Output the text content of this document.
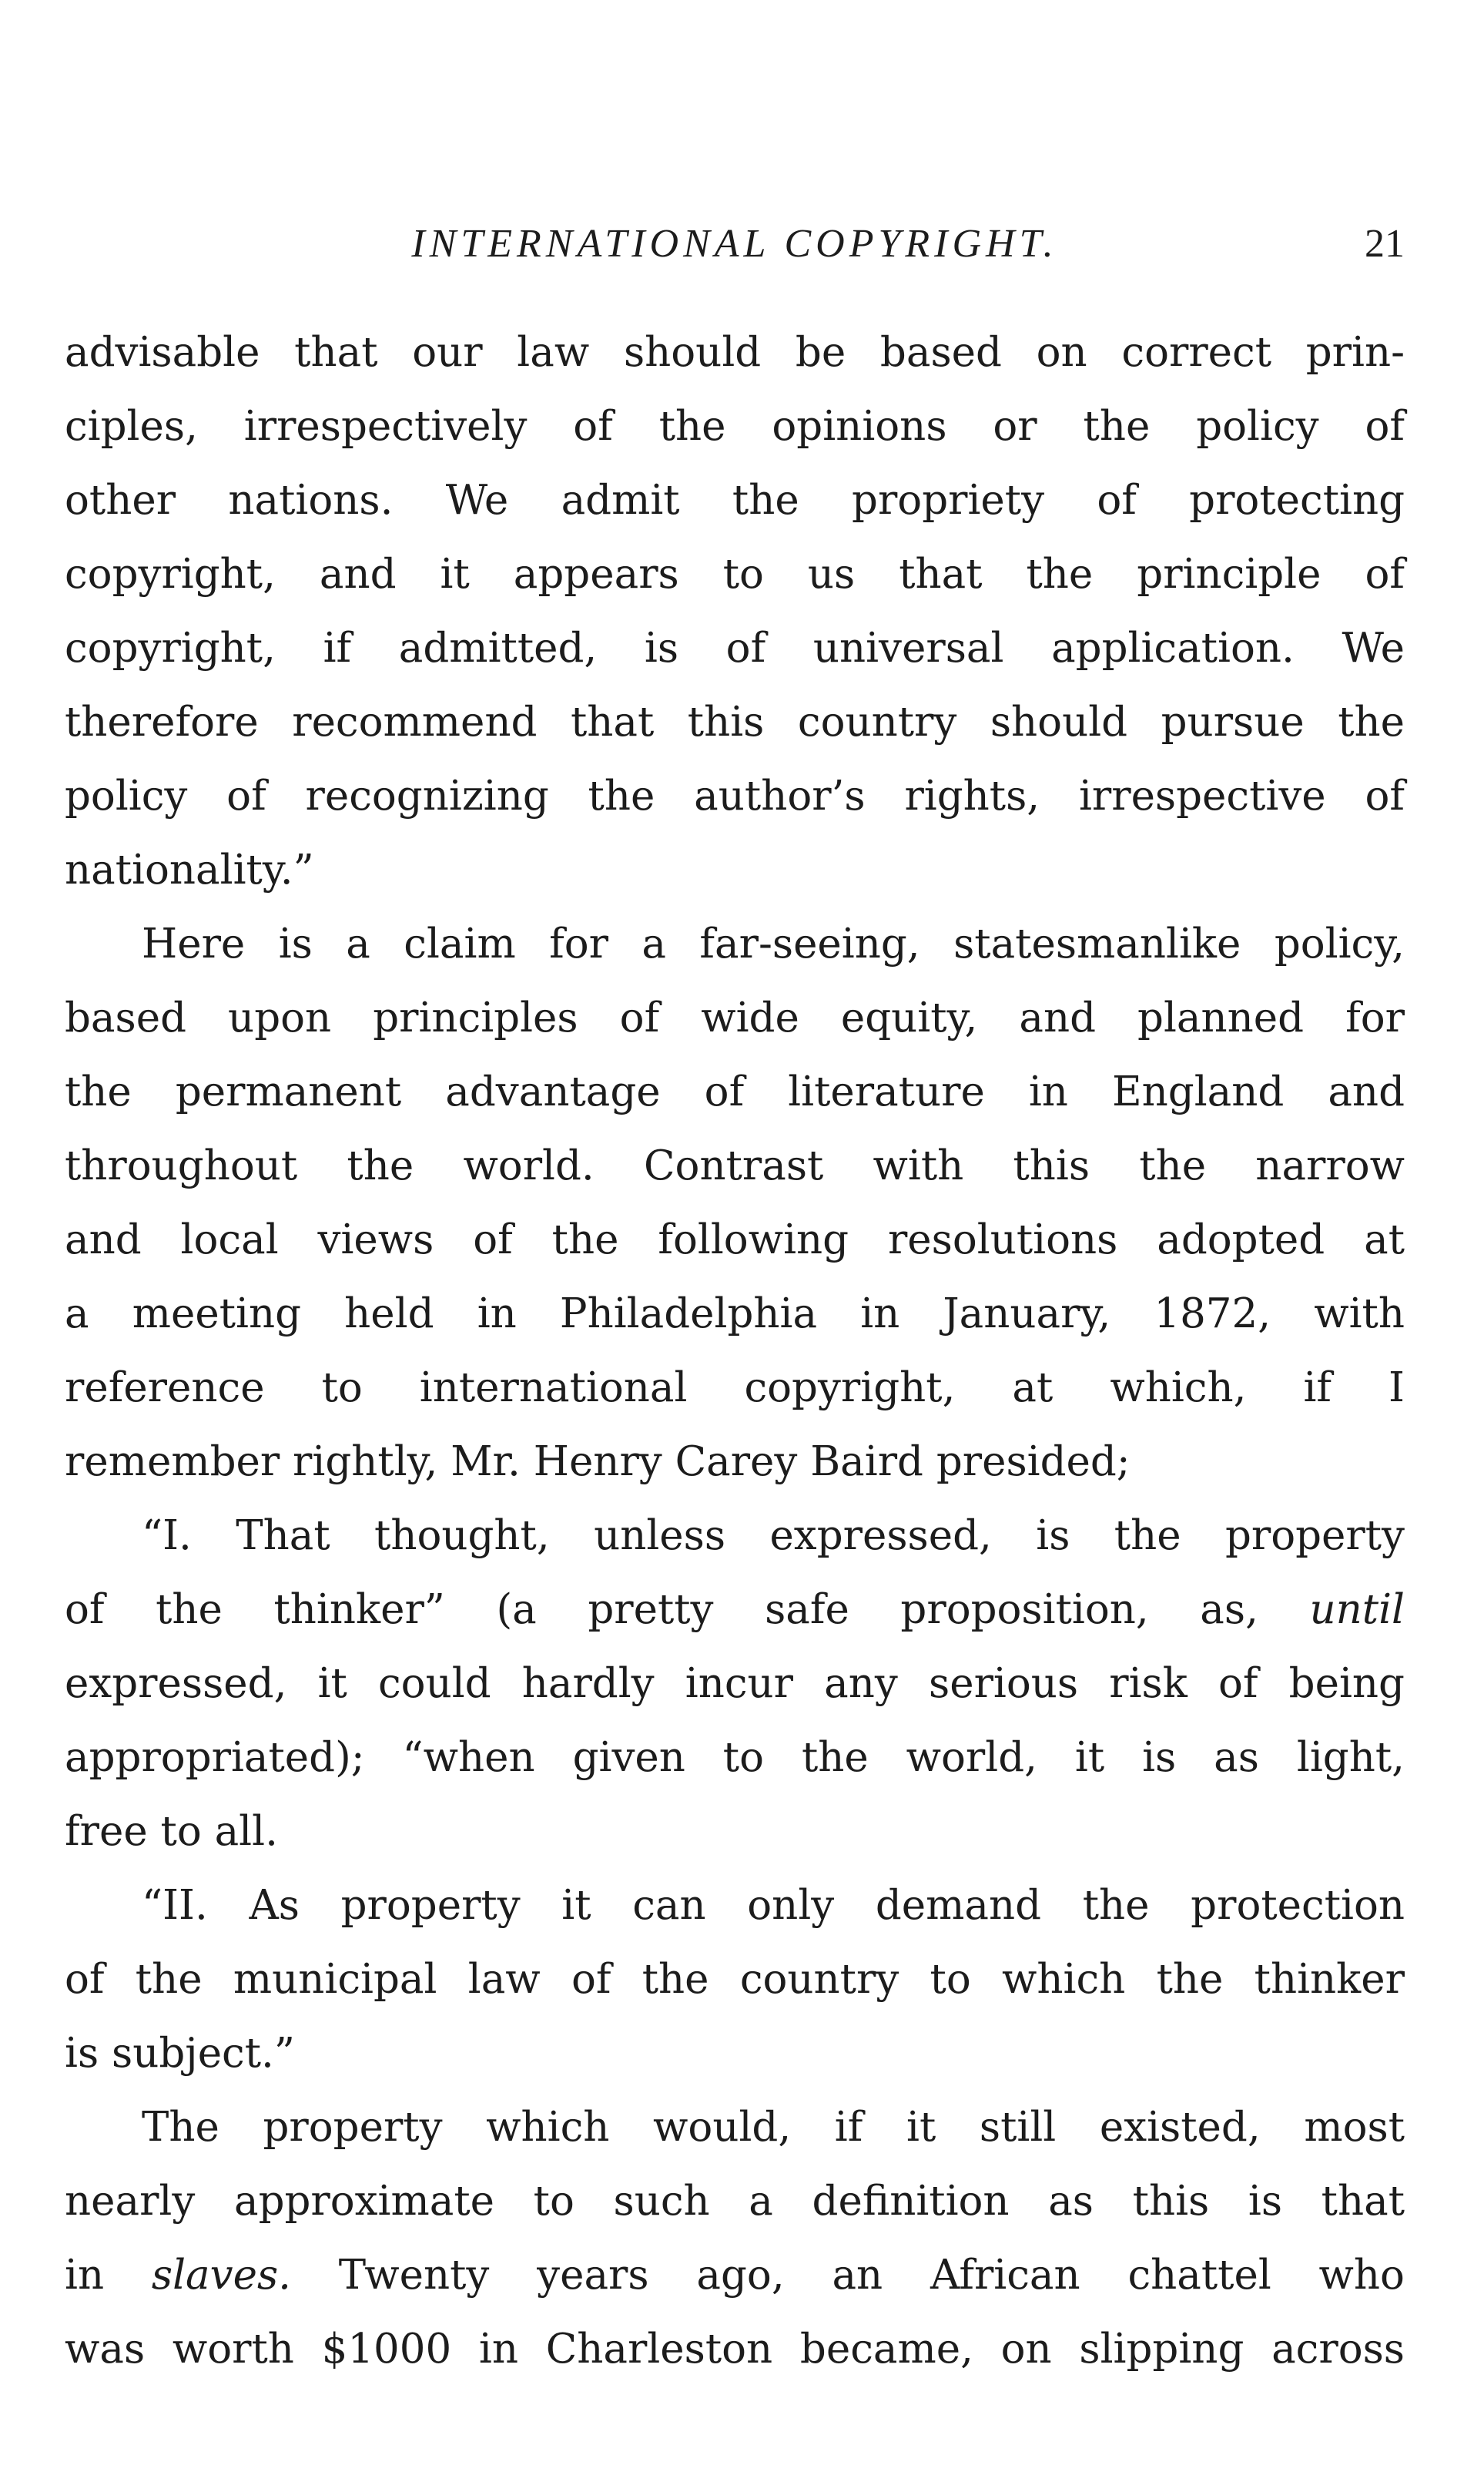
INTERNATIONAL COPYRIGHT.	21

advisable that our law should be based on correct prin-

ciples, irrespectively of the opinions or the policy of

other nations. We admit the propriety of protecting

copyright, and it appears to us that the principle of

copyright, if admitted, is of universal application. We

therefore recommend that this country should pursue the

policy of recognizing the author’s rights, irrespective of

nationality.”

Here is a claim for a far-seeing, statesmanlike policy,

based upon principles of wide equity, and planned for

the permanent advantage of literature in England and

throughout the world. Contrast with this the narrow

and local views of the following resolutions adopted at

a meeting held in Philadelphia in January, 1872, with

reference to international copyright, at which, if I

remember rightly, Mr. Henry Carey Baird presided;

“I. That thought, unless expressed, is the property

of the thinker” (a pretty safe proposition, as, until

expressed, it could hardly incur any serious risk of being

appropriated); “when given to the world, it is as light,

free to all.

“II. As property it can only demand the protection

of the municipal law of the country to which the thinker

is subject.”

The property which would, if it still existed, most

nearly approximate to such a definition as this is that

in slaves. Twenty years ago, an African chattel who

was worth $1000 in Charleston became, on slipping across
